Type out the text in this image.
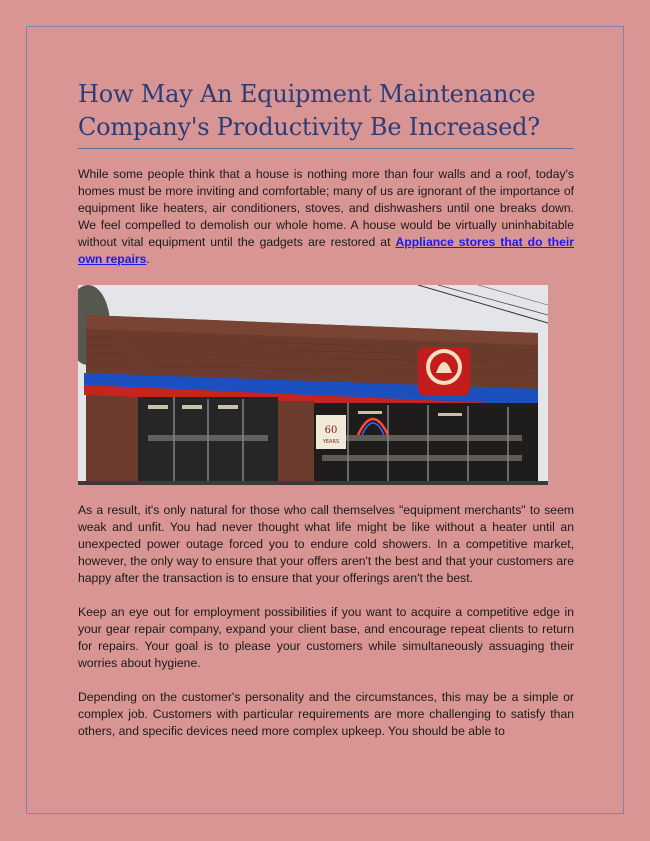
How May An Equipment Maintenance Company's Productivity Be Increased?

While some people think that a house is nothing more than four walls and a roof, today's homes must be more inviting and comfortable; many of us are ignorant of the importance of equipment like heaters, air conditioners, stoves, and dishwashers until one breaks down. We feel compelled to demolish our whole home. A house would be virtually uninhabitable without vital equipment until the gadgets are restored at Appliance stores that do their own repairs.

60
YEARS

As a result, it's only natural for those who call themselves "equipment merchants" to seem weak and unfit. You had never thought what life might be like without a heater until an unexpected power outage forced you to endure cold showers. In a competitive market, however, the only way to ensure that your offers aren't the best and that your customers are happy after the transaction is to ensure that your offerings aren't the best.

Keep an eye out for employment possibilities if you want to acquire a competitive edge in your gear repair company, expand your client base, and encourage repeat clients to return for repairs. Your goal is to please your customers while simultaneously assuaging their worries about hygiene.

Depending on the customer's personality and the circumstances, this may be a simple or complex job. Customers with particular requirements are more challenging to satisfy than others, and specific devices need more complex upkeep. You should be able to
